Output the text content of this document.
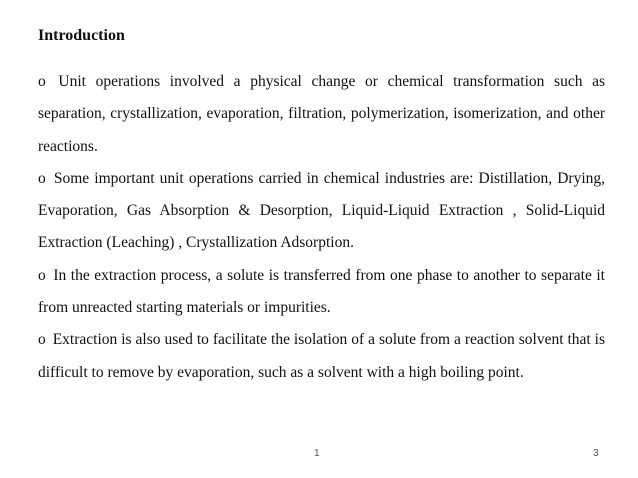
Introduction

o Unit operations involved a physical change or chemical transformation such as separation, crystallization, evaporation, filtration, polymerization, isomerization, and other reactions.

o Some important unit operations carried in chemical industries are: Distillation, Drying, Evaporation, Gas Absorption & Desorption, Liquid-Liquid Extraction , Solid-Liquid Extraction (Leaching) , Crystallization Adsorption.

o In the extraction process, a solute is transferred from one phase to another to separate it from unreacted starting materials or impurities.

o Extraction is also used to facilitate the isolation of a solute from a reaction solvent that is difficult to remove by evaporation, such as a solvent with a high boiling point.

1	3
